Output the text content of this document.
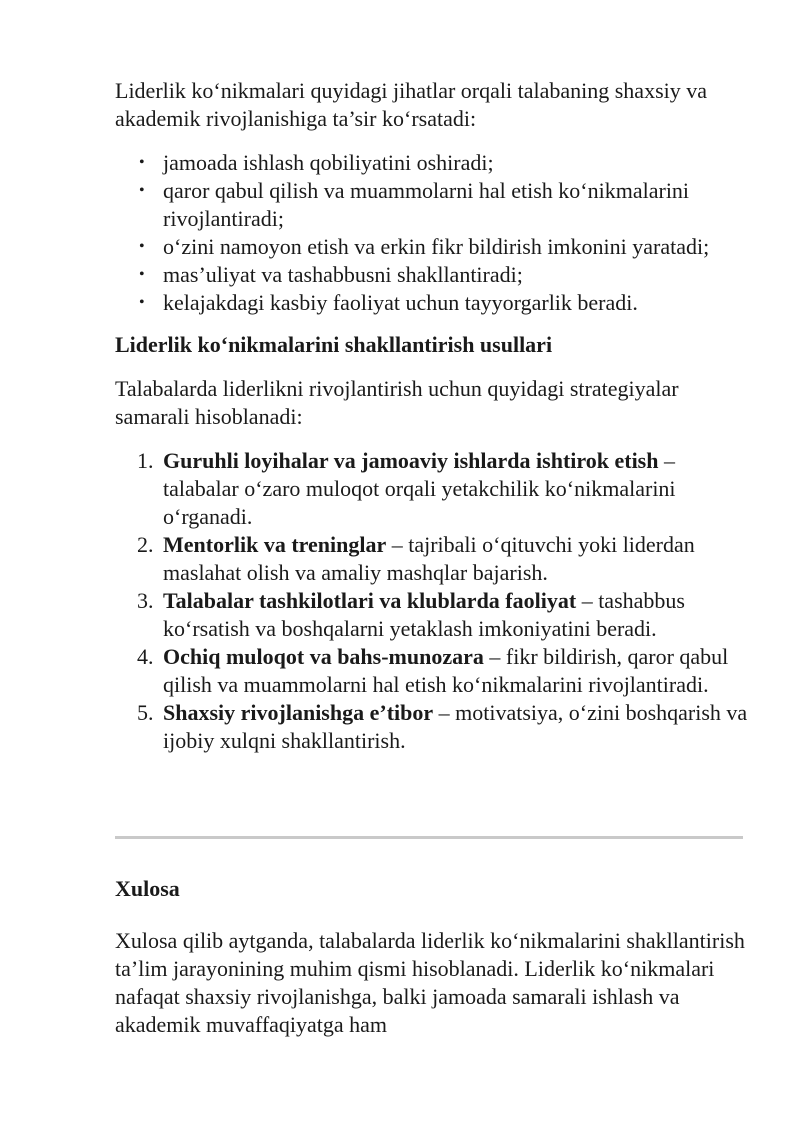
Liderlik ko‘nikmalari quyidagi jihatlar orqali talabaning shaxsiy va akademik rivojlanishiga ta’sir ko‘rsatadi:

• jamoada ishlash qobiliyatini oshiradi;
• qaror qabul qilish va muammolarni hal etish ko‘nikmalarini rivojlantiradi;
• o‘zini namoyon etish va erkin fikr bildirish imkonini yaratadi;
• mas’uliyat va tashabbusni shakllantiradi;
• kelajakdagi kasbiy faoliyat uchun tayyorgarlik beradi.
Liderlik ko‘nikmalarini shakllantirish usullari

Talabalarda liderlikni rivojlantirish uchun quyidagi strategiyalar samarali hisoblanadi:

1. Guruhli loyihalar va jamoaviy ishlarda ishtirok etish – talabalar o‘zaro muloqot orqali yetakchilik ko‘nikmalarini o‘rganadi.
2. Mentorlik va treninglar – tajribali o‘qituvchi yoki liderdan maslahat olish va amaliy mashqlar bajarish.
3. Talabalar tashkilotlari va klublarda faoliyat – tashabbus ko‘rsatish va boshqalarni yetaklash imkoniyatini beradi.
4. Ochiq muloqot va bahs-munozara – fikr bildirish, qaror qabul qilish va muammolarni hal etish ko‘nikmalarini rivojlantiradi.
5. Shaxsiy rivojlanishga e’tibor – motivatsiya, o‘zini boshqarish va ijobiy xulqni shakllantirish.
Xulosa

Xulosa qilib aytganda, talabalarda liderlik ko‘nikmalarini shakllantirish ta’lim jarayonining muhim qismi hisoblanadi. Liderlik ko‘nikmalari nafaqat shaxsiy rivojlanishga, balki jamoada samarali ishlash va akademik muvaffaqiyatga ham
